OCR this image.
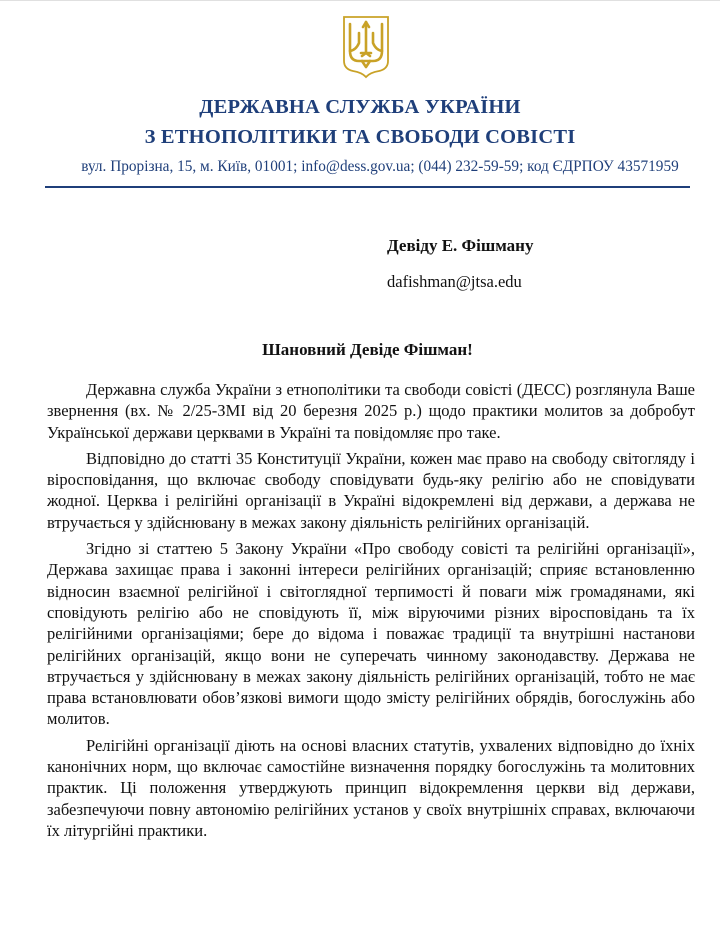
ДЕРЖАВНА СЛУЖБА УКРАЇНИ
З ЕТНОПОЛІТИКИ ТА СВОБОДИ СОВІСТІ
вул. Прорізна, 15, м. Київ, 01001; info@dess.gov.ua; (044) 232-59-59; код ЄДРПОУ 43571959
Девіду Е. Фішману
dafishman@jtsa.edu
Шановний Девіде Фішман!

Державна служба України з етнополітики та свободи совісті (ДЕСС) розглянула Ваше звернення (вх. № 2/25-ЗМІ від 20 березня 2025 р.) щодо практики молитов за добробут Української держави церквами в Україні та повідомляє про таке.

Відповідно до статті 35 Конституції України, кожен має право на свободу світогляду і віросповідання, що включає свободу сповідувати будь-яку релігію або не сповідувати жодної. Церква і релігійні організації в Україні відокремлені від держави, а держава не втручається у здійснювану в межах закону діяльність релігійних організацій.

Згідно зі статтею 5 Закону України «Про свободу совісті та релігійні організації», Держава захищає права і законні інтереси релігійних організацій; сприяє встановленню відносин взаємної релігійної і світоглядної терпимості й поваги між громадянами, які сповідують релігію або не сповідують її, між віруючими різних віросповідань та їх релігійними організаціями; бере до відома і поважає традиції та внутрішні настанови релігійних організацій, якщо вони не суперечать чинному законодавству. Держава не втручається у здійснювану в межах закону діяльність релігійних організацій, тобто не має права встановлювати обов’язкові вимоги щодо змісту релігійних обрядів, богослужінь або молитов.

Релігійні організації діють на основі власних статутів, ухвалених відповідно до їхніх канонічних норм, що включає самостійне визначення порядку богослужінь та молитовних практик. Ці положення утверджують принцип відокремлення церкви від держави, забезпечуючи повну автономію релігійних установ у своїх внутрішніх справах, включаючи їх літургійні практики.
